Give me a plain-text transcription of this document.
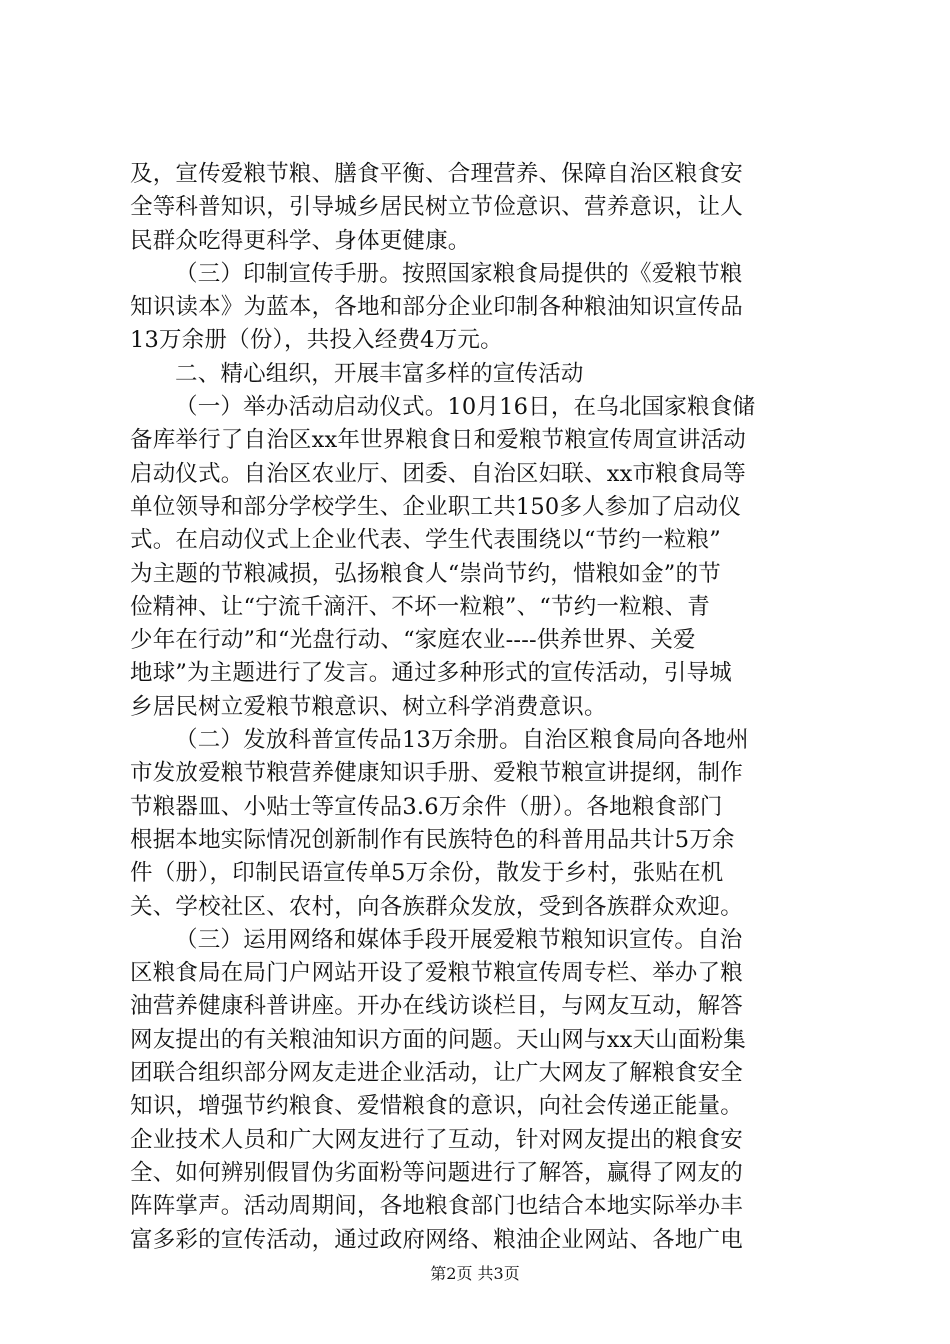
及，宣传爱粮节粮、膳食平衡、合理营养、保障自治区粮食安
全等科普知识，引导城乡居民树立节俭意识、营养意识，让人
民群众吃得更科学、身体更健康。
（三）印制宣传手册。按照国家粮食局提供的《爱粮节粮
知识读本》为蓝本，各地和部分企业印制各种粮油知识宣传品
13万余册（份），共投入经费4万元。
二、精心组织，开展丰富多样的宣传活动
（一）举办活动启动仪式。10月16日，在乌北国家粮食储
备库举行了自治区xx年世界粮食日和爱粮节粮宣传周宣讲活动
启动仪式。自治区农业厅、团委、自治区妇联、xx市粮食局等
单位领导和部分学校学生、企业职工共150多人参加了启动仪
式。在启动仪式上企业代表、学生代表围绕以“节约一粒粮”
为主题的节粮减损，弘扬粮食人“崇尚节约，惜粮如金”的节
俭精神、让“宁流千滴汗、不坏一粒粮”、“节约一粒粮、青
少年在行动”和“光盘行动、“家庭农业----供养世界、关爱
地球”为主题进行了发言。通过多种形式的宣传活动，引导城
乡居民树立爱粮节粮意识、树立科学消费意识。
（二）发放科普宣传品13万余册。自治区粮食局向各地州
市发放爱粮节粮营养健康知识手册、爱粮节粮宣讲提纲，制作
节粮器皿、小贴士等宣传品3.6万余件（册）。各地粮食部门
根据本地实际情况创新制作有民族特色的科普用品共计5万余
件（册），印制民语宣传单5万余份，散发于乡村，张贴在机
关、学校社区、农村，向各族群众发放，受到各族群众欢迎。
（三）运用网络和媒体手段开展爱粮节粮知识宣传。自治
区粮食局在局门户网站开设了爱粮节粮宣传周专栏、举办了粮
油营养健康科普讲座。开办在线访谈栏目，与网友互动，解答
网友提出的有关粮油知识方面的问题。天山网与xx天山面粉集
团联合组织部分网友走进企业活动，让广大网友了解粮食安全
知识，增强节约粮食、爱惜粮食的意识，向社会传递正能量。
企业技术人员和广大网友进行了互动，针对网友提出的粮食安
全、如何辨别假冒伪劣面粉等问题进行了解答，赢得了网友的
阵阵掌声。活动周期间，各地粮食部门也结合本地实际举办丰
富多彩的宣传活动，通过政府网络、粮油企业网站、各地广电
第2页 共3页
